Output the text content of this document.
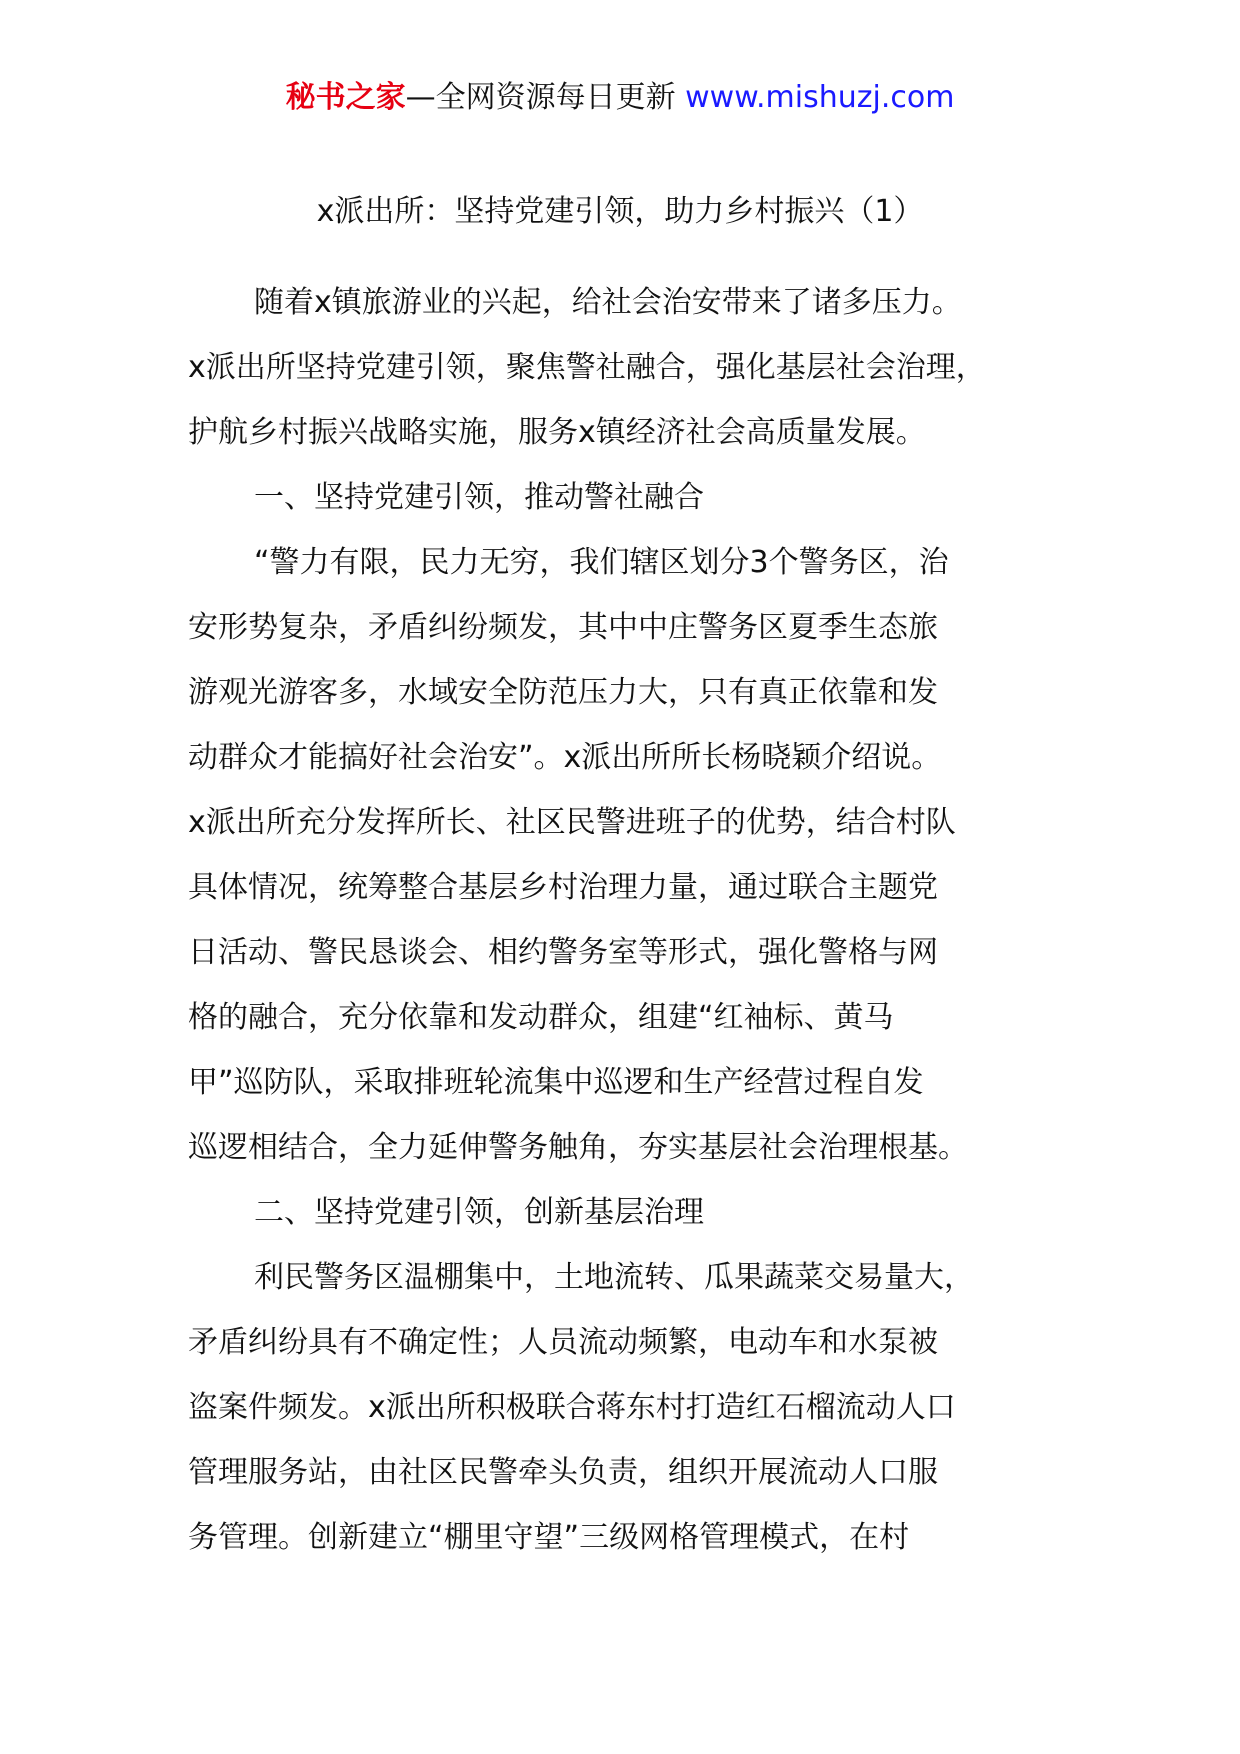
秘书之家—全网资源每日更新 www.mishuzj.com
x派出所：坚持党建引领，助力乡村振兴（1）
随着x镇旅游业的兴起，给社会治安带来了诸多压力。
x派出所坚持党建引领，聚焦警社融合，强化基层社会治理，
护航乡村振兴战略实施，服务x镇经济社会高质量发展。
一、坚持党建引领，推动警社融合
“警力有限，民力无穷，我们辖区划分3个警务区，治
安形势复杂，矛盾纠纷频发，其中中庄警务区夏季生态旅
游观光游客多，水域安全防范压力大，只有真正依靠和发
动群众才能搞好社会治安”。x派出所所长杨晓颖介绍说。
x派出所充分发挥所长、社区民警进班子的优势，结合村队
具体情况，统筹整合基层乡村治理力量，通过联合主题党
日活动、警民恳谈会、相约警务室等形式，强化警格与网
格的融合，充分依靠和发动群众，组建“红袖标、黄马
甲”巡防队，采取排班轮流集中巡逻和生产经营过程自发
巡逻相结合，全力延伸警务触角，夯实基层社会治理根基。
二、坚持党建引领，创新基层治理
利民警务区温棚集中，土地流转、瓜果蔬菜交易量大，
矛盾纠纷具有不确定性；人员流动频繁，电动车和水泵被
盗案件频发。x派出所积极联合蒋东村打造红石榴流动人口
管理服务站，由社区民警牵头负责，组织开展流动人口服
务管理。创新建立“棚里守望”三级网格管理模式，在村
